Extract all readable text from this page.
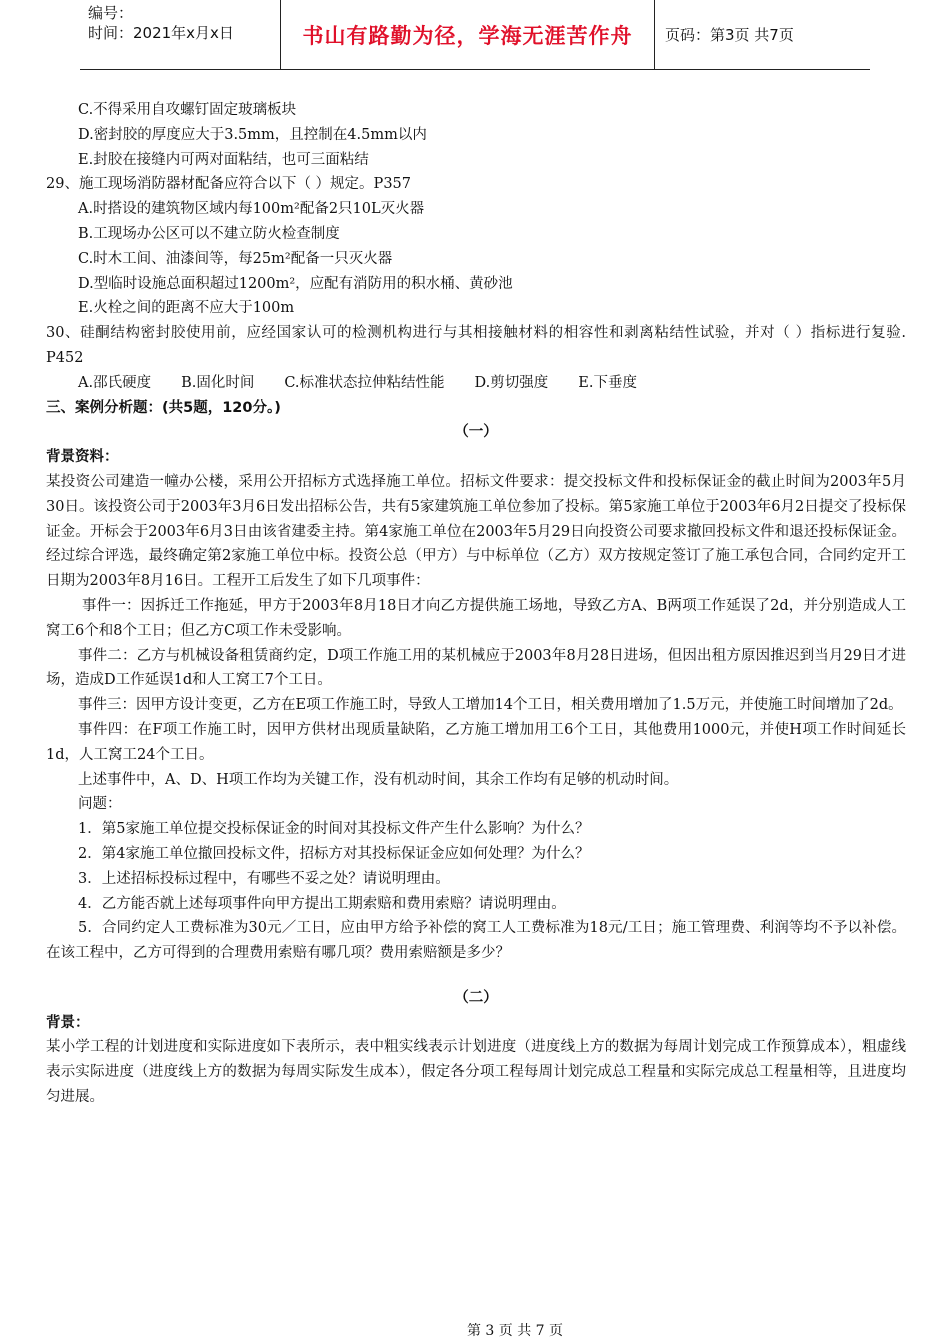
编号：
时间：2021年x月x日	书山有路勤为径，学海无涯苦作舟	页码：第3页 共7页
C.不得采用自攻螺钉固定玻璃板块
D.密封胶的厚度应大于3.5mm，且控制在4.5mm以内
E.封胶在接缝内可两对面粘结，也可三面粘结
29、施工现场消防器材配备应符合以下（ ）规定。P357
A.时搭设的建筑物区域内每100m²配备2只10L灭火器
B.工现场办公区可以不建立防火检查制度
C.时木工间、油漆间等，每25m²配备一只灭火器
D.型临时设施总面积超过1200m²，应配有消防用的积水桶、黄砂池
E.火栓之间的距离不应大于100m
30、硅酮结构密封胶使用前，应经国家认可的检测机构进行与其相接触材料的相容性和剥离粘结性试验，并对（ ）指标进行复验. P452
A.邵氏硬度 B.固化时间 C.标准状态拉伸粘结性能 D.剪切强度 E.下垂度
三、案例分析题：(共5题，120分。)
（一）
背景资料：
某投资公司建造一幢办公楼，采用公开招标方式选择施工单位。招标文件要求：提交投标文件和投标保证金的截止时间为2003年5月30日。该投资公司于2003年3月6日发出招标公告，共有5家建筑施工单位参加了投标。第5家施工单位于2003年6月2日提交了投标保证金。开标会于2003年6月3日由该省建委主持。第4家施工单位在2003年5月29日向投资公司要求撤回投标文件和退还投标保证金。经过综合评选，最终确定第2家施工单位中标。投资公总（甲方）与中标单位（乙方）双方按规定签订了施工承包合同，合同约定开工日期为2003年8月16日。工程开工后发生了如下几项事件：
事件一：因拆迁工作拖延，甲方于2003年8月18日才向乙方提供施工场地，导致乙方A、B两项工作延误了2d，并分别造成人工窝工6个和8个工日；但乙方C项工作未受影响。
事件二：乙方与机械设备租赁商约定，D项工作施工用的某机械应于2003年8月28日进场，但因出租方原因推迟到当月29日才进场，造成D工作延误1d和人工窝工7个工日。
事件三：因甲方设计变更，乙方在E项工作施工时，导致人工增加14个工日，相关费用增加了1.5万元，并使施工时间增加了2d。
事件四：在F项工作施工时，因甲方供材出现质量缺陷，乙方施工增加用工6个工日，其他费用1000元，并使H项工作时间延长1d，人工窝工24个工日。
上述事件中，A、D、H项工作均为关键工作，没有机动时间，其余工作均有足够的机动时间。
问题：
1．第5家施工单位提交投标保证金的时间对其投标文件产生什么影响？为什么？
2．第4家施工单位撤回投标文件，招标方对其投标保证金应如何处理？为什么？
3．上述招标投标过程中，有哪些不妥之处？请说明理由。
4．乙方能否就上述每项事件向甲方提出工期索赔和费用索赔？请说明理由。
5．合同约定人工费标准为30元／工日，应由甲方给予补偿的窝工人工费标准为18元/工日；施工管理费、利润等均不予以补偿。在该工程中，乙方可得到的合理费用索赔有哪几项？费用索赔额是多少？
（二）
背景：
某小学工程的计划进度和实际进度如下表所示，表中粗实线表示计划进度（进度线上方的数据为每周计划完成工作预算成本），粗虚线表示实际进度（进度线上方的数据为每周实际发生成本），假定各分项工程每周计划完成总工程量和实际完成总工程量相等，且进度均匀进展。
第 3 页 共 7 页
